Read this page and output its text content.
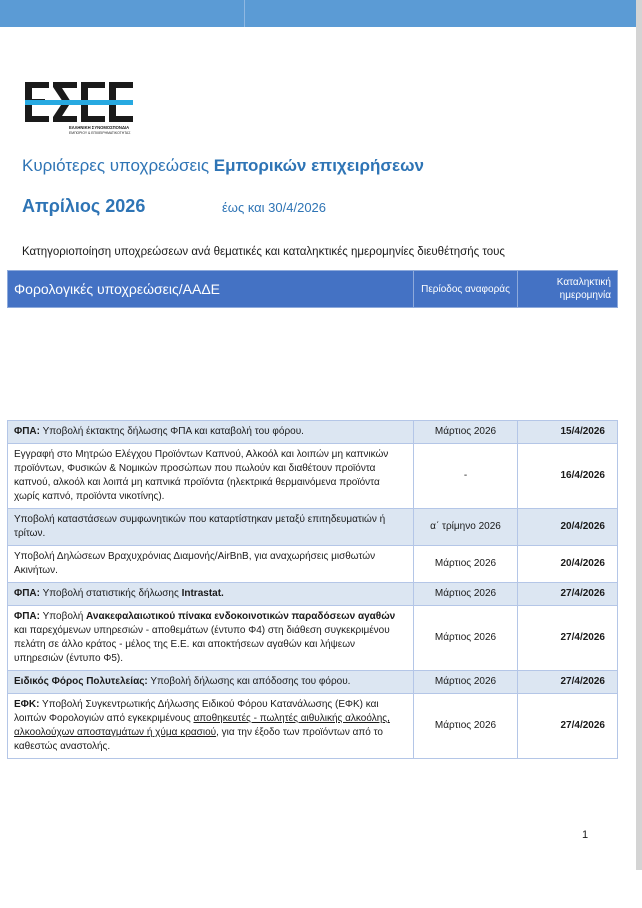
ΕΛΛΗΝΙΚΗ ΣΥΝΟΜΟΣΠΟΝΔΙΑ
ΕΜΠΟΡΙΟΥ & ΕΠΙΧΕΙΡΗΜΑΤΙΚΟΤΗΤΑΣ
Κυριότερες υποχρεώσεις Εμπορικών επιχειρήσεων
Απρίλιος 2026	έως και 30/4/2026
Κατηγοριοποίηση υποχρεώσεων ανά θεματικές και καταληκτικές ημερομηνίες διευθέτησής τους
Φορολογικές υποχρεώσεις/ΑΑΔΕ	Περίοδος αναφοράς	Καταληκτική ημερομηνία
ΦΠΑ: Υποβολή έκτακτης δήλωσης ΦΠΑ και καταβολή του φόρου.	Μάρτιος 2026	15/4/2026
Εγγραφή στο Μητρώο Ελέγχου Προϊόντων Καπνού, Αλκοόλ και λοιπών μη καπνικών προϊόντων, Φυσικών & Νομικών προσώπων που πωλούν και διαθέτουν προϊόντα καπνού, αλκοόλ και λοιπά μη καπνικά προϊόντα (ηλεκτρικά θερμαινόμενα προϊόντα χωρίς καπνό, προϊόντα νικοτίνης).	-	16/4/2026
Υποβολή καταστάσεων συμφωνητικών που καταρτίστηκαν μεταξύ επιτηδευματιών ή τρίτων.	α΄ τρίμηνο 2026	20/4/2026
Υποβολή Δηλώσεων Βραχυχρόνιας Διαμονής/AirBnB, για αναχωρήσεις μισθωτών Ακινήτων.	Μάρτιος 2026	20/4/2026
ΦΠΑ: Υποβολή στατιστικής δήλωσης Intrastat.	Μάρτιος 2026	27/4/2026
ΦΠΑ: Υποβολή Ανακεφαλαιωτικού πίνακα ενδοκοινοτικών παραδόσεων αγαθών και παρεχόμενων υπηρεσιών - αποθεμάτων (έντυπο Φ4) στη διάθεση συγκεκριμένου πελάτη σε άλλο κράτος - μέλος της Ε.Ε. και αποκτήσεων αγαθών και λήψεων υπηρεσιών (έντυπο Φ5).	Μάρτιος 2026	27/4/2026
Ειδικός Φόρος Πολυτελείας: Υποβολή δήλωσης και απόδοσης του φόρου.	Μάρτιος 2026	27/4/2026
ΕΦΚ: Υποβολή Συγκεντρωτικής Δήλωσης Ειδικού Φόρου Κατανάλωσης (ΕΦΚ) και λοιπών Φορολογιών από εγκεκριμένους αποθηκευτές - πωλητές αιθυλικής αλκοόλης, αλκοολούχων αποσταγμάτων ή χύμα κρασιού, για την έξοδο των προϊόντων από το καθεστώς αναστολής.	Μάρτιος 2026	27/4/2026
1
